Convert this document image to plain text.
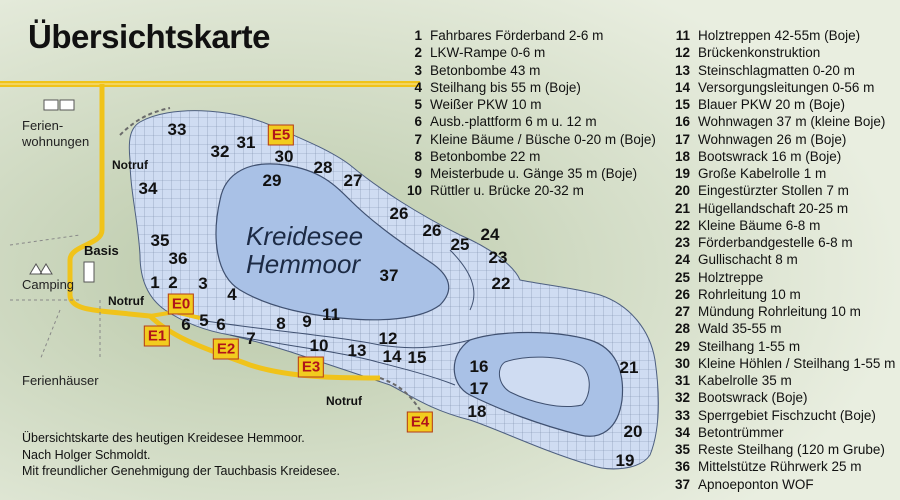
Übersichtskarte
Kreidesee
Hemmoor
Ferien-
wohnungen
Basis
Camping
Ferienhäuser
Notruf
Notruf
Notruf
E0
E1
E2
E3
E4
E5
1 2 3
4
5
6 6
7
8 9
10
11
12
13 14 15	16
17
18
19
20
21
22
23
24
25
26
26
27
28
29
30
31
32
33
34
35
36
37
1 Fahrbares Förderband 2-6 m
2 LKW-Rampe 0-6 m
3 Betonbombe 43 m
4 Steilhang bis 55 m (Boje)
5 Weißer PKW 10 m
6 Ausb.-plattform 6 m u. 12 m
7 Kleine Bäume / Büsche 0-20 m (Boje)
8 Betonbombe 22 m
9 Meisterbude u. Gänge 35 m (Boje)
10 Rüttler u. Brücke 20-32 m
11 Holztreppen 42-55m (Boje)
12 Brückenkonstruktion
13 Steinschlagmatten 0-20 m
14 Versorgungsleitungen 0-56 m
15 Blauer PKW 20 m (Boje)
16 Wohnwagen 37 m (kleine Boje)
17 Wohnwagen 26 m (Boje)
18 Bootswrack 16 m (Boje)
19 Große Kabelrolle 1 m
20 Eingestürzter Stollen 7 m
21 Hügellandschaft 20-25 m
22 Kleine Bäume 6-8 m
23 Förderbandgestelle 6-8 m
24 Gullischacht 8 m
25 Holztreppe
26 Rohrleitung 10 m
27 Mündung Rohrleitung 10 m
28 Wald 35-55 m
29 Steilhang 1-55 m
30 Kleine Höhlen / Steilhang 1-55 m
31 Kabelrolle 35 m
32 Bootswrack (Boje)
33 Sperrgebiet Fischzucht (Boje)
34 Betontrümmer
35 Reste Steilhang (120 m Grube)
36 Mittelstütze Rührwerk 25 m
37 Apnoeponton WOF
Übersichtskarte des heutigen Kreidesee Hemmoor.
Nach Holger Schmoldt.
Mit freundlicher Genehmigung der Tauchbasis Kreidesee.
